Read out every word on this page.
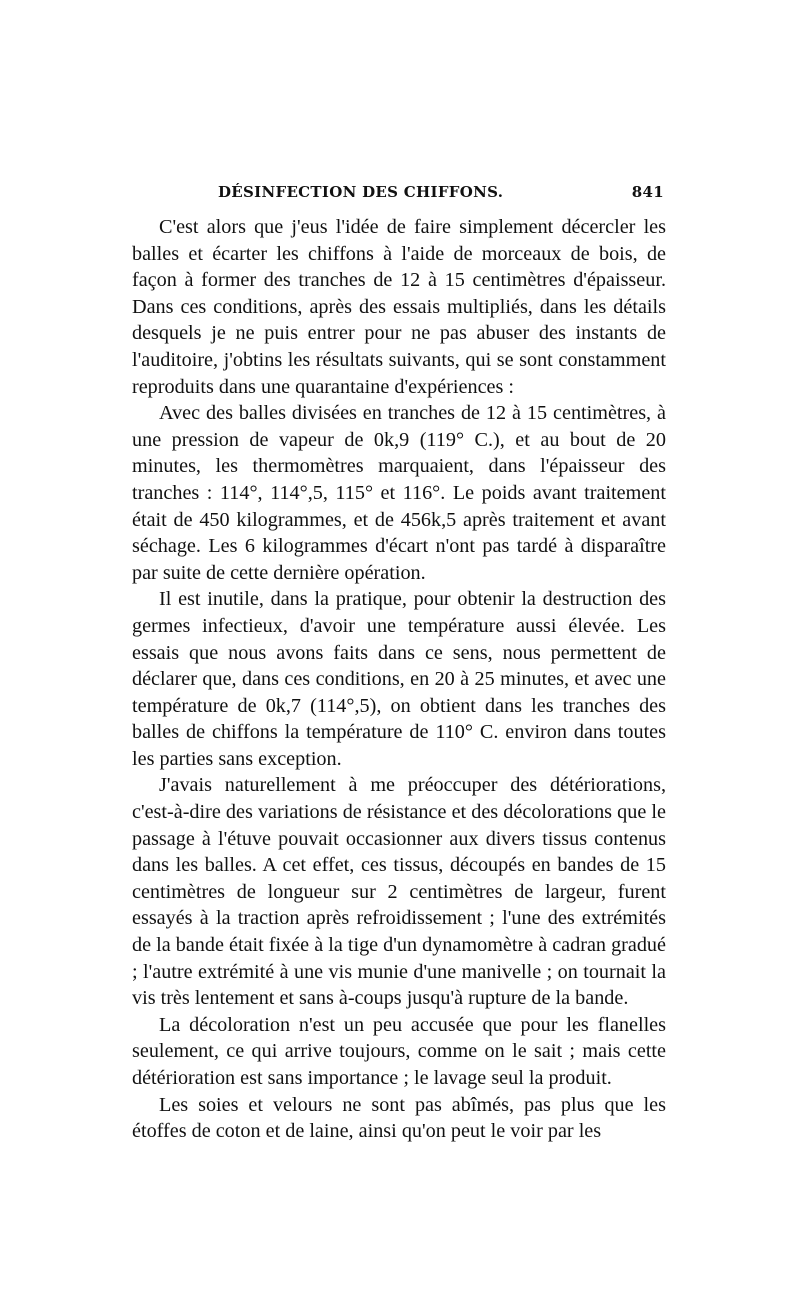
DÉSINFECTION DES CHIFFONS.	841

C'est alors que j'eus l'idée de faire simplement décercler les balles et écarter les chiffons à l'aide de morceaux de bois, de façon à former des tranches de 12 à 15 centimètres d'épaisseur. Dans ces conditions, après des essais multipliés, dans les détails desquels je ne puis entrer pour ne pas abuser des instants de l'auditoire, j'obtins les résultats suivants, qui se sont constamment reproduits dans une quarantaine d'expériences :

Avec des balles divisées en tranches de 12 à 15 centimètres, à une pression de vapeur de 0k,9 (119° C.), et au bout de 20 minutes, les thermomètres marquaient, dans l'épaisseur des tranches : 114°, 114°,5, 115° et 116°. Le poids avant traitement était de 450 kilogrammes, et de 456k,5 après traitement et avant séchage. Les 6 kilogrammes d'écart n'ont pas tardé à disparaître par suite de cette dernière opération.

Il est inutile, dans la pratique, pour obtenir la destruction des germes infectieux, d'avoir une température aussi élevée. Les essais que nous avons faits dans ce sens, nous permettent de déclarer que, dans ces conditions, en 20 à 25 minutes, et avec une température de 0k,7 (114°,5), on obtient dans les tranches des balles de chiffons la température de 110° C. environ dans toutes les parties sans exception.

J'avais naturellement à me préoccuper des détériorations, c'est-à-dire des variations de résistance et des décolorations que le passage à l'étuve pouvait occasionner aux divers tissus contenus dans les balles. A cet effet, ces tissus, découpés en bandes de 15 centimètres de longueur sur 2 centimètres de largeur, furent essayés à la traction après refroidissement ; l'une des extrémités de la bande était fixée à la tige d'un dynamomètre à cadran gradué ; l'autre extrémité à une vis munie d'une manivelle ; on tournait la vis très lentement et sans à-coups jusqu'à rupture de la bande.

La décoloration n'est un peu accusée que pour les flanelles seulement, ce qui arrive toujours, comme on le sait ; mais cette détérioration est sans importance ; le lavage seul la produit.

Les soies et velours ne sont pas abîmés, pas plus que les étoffes de coton et de laine, ainsi qu'on peut le voir par les
